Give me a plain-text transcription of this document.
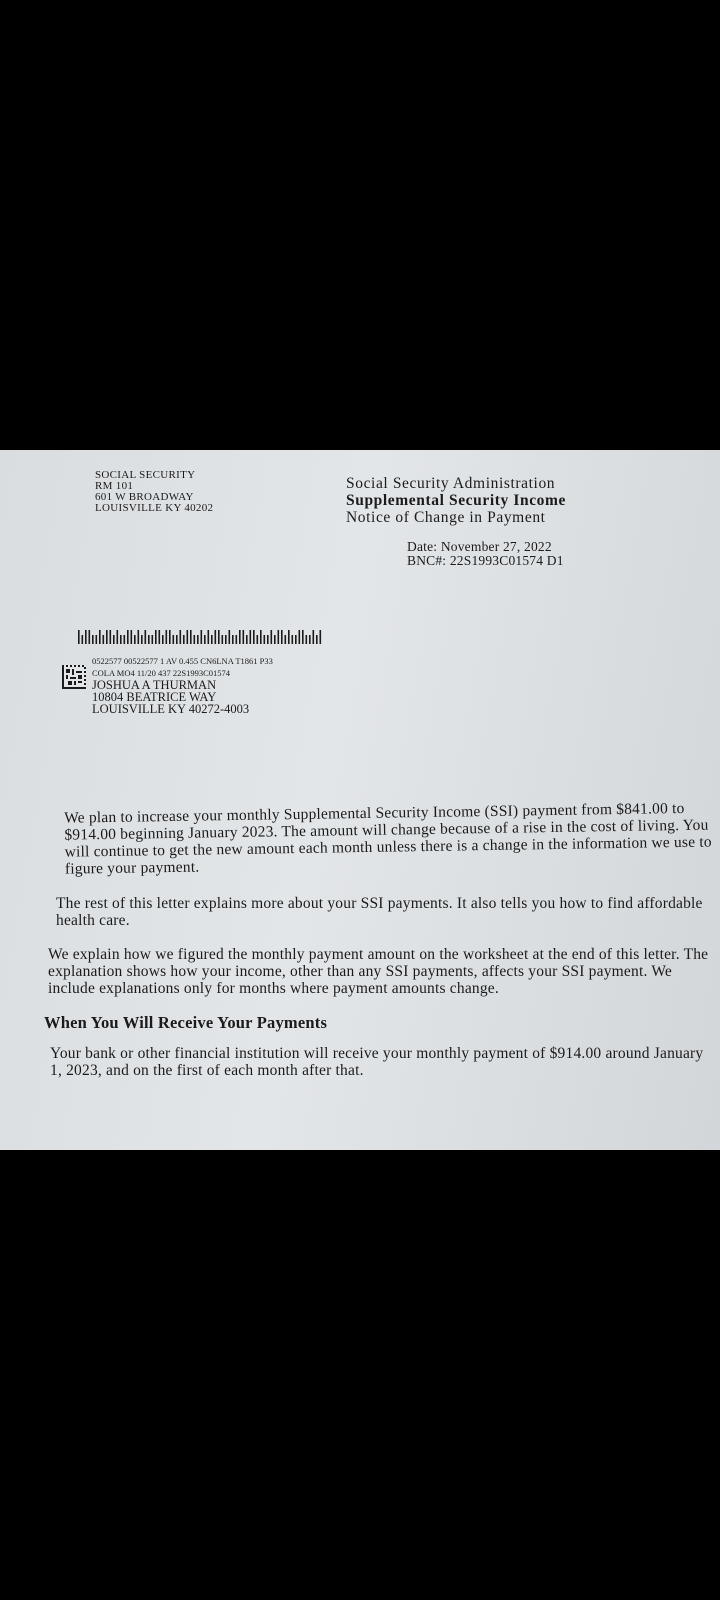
SOCIAL SECURITY
RM 101
601 W BROADWAY
LOUISVILLE KY 40202
Social Security Administration
Supplemental Security Income
Notice of Change in Payment
Date: November 27, 2022
BNC#: 22S1993C01574 D1
0522577 00522577 1 AV 0.455 CN6LNA T1861 P33
COLA MO4 11/20 437 22S1993C01574
JOSHUA A THURMAN
10804 BEATRICE WAY
LOUISVILLE KY 40272-4003

We plan to increase your monthly Supplemental Security Income (SSI) payment from $841.00 to $914.00 beginning January 2023. The amount will change because of a rise in the cost of living. You will continue to get the new amount each month unless there is a change in the information we use to figure your payment.

The rest of this letter explains more about your SSI payments. It also tells you how to find affordable health care.

We explain how we figured the monthly payment amount on the worksheet at the end of this letter. The explanation shows how your income, other than any SSI payments, affects your SSI payment. We include explanations only for months where payment amounts change.

When You Will Receive Your Payments

Your bank or other financial institution will receive your monthly payment of $914.00 around January 1, 2023, and on the first of each month after that.
